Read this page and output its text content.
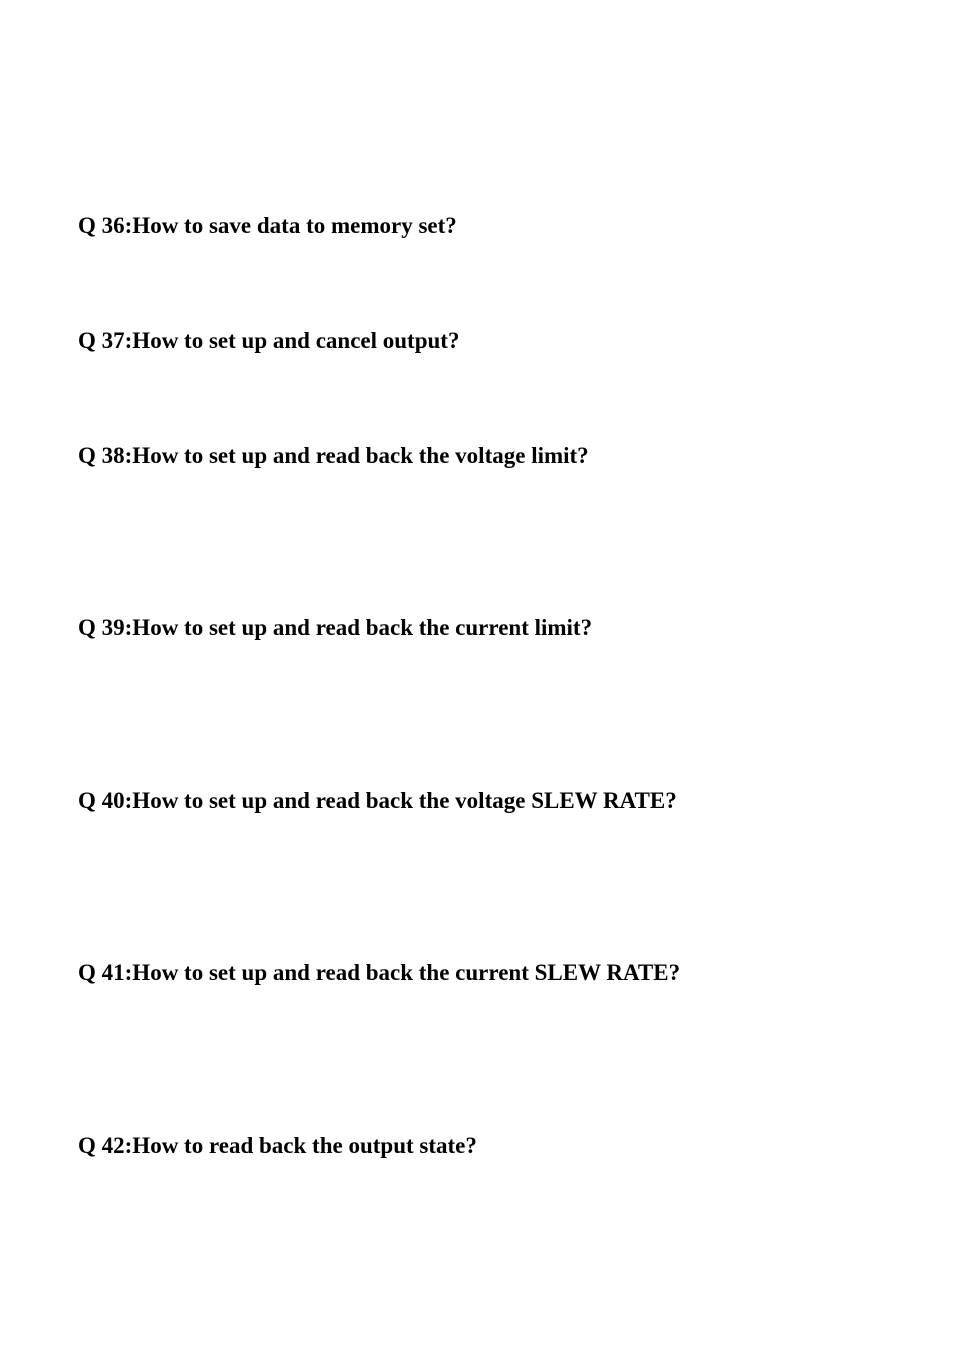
Q 36:How to save data to memory set?

Q 37:How to set up and cancel output?

Q 38:How to set up and read back the voltage limit?

Q 39:How to set up and read back the current limit?

Q 40:How to set up and read back the voltage SLEW RATE?

Q 41:How to set up and read back the current SLEW RATE?

Q 42:How to read back the output state?
